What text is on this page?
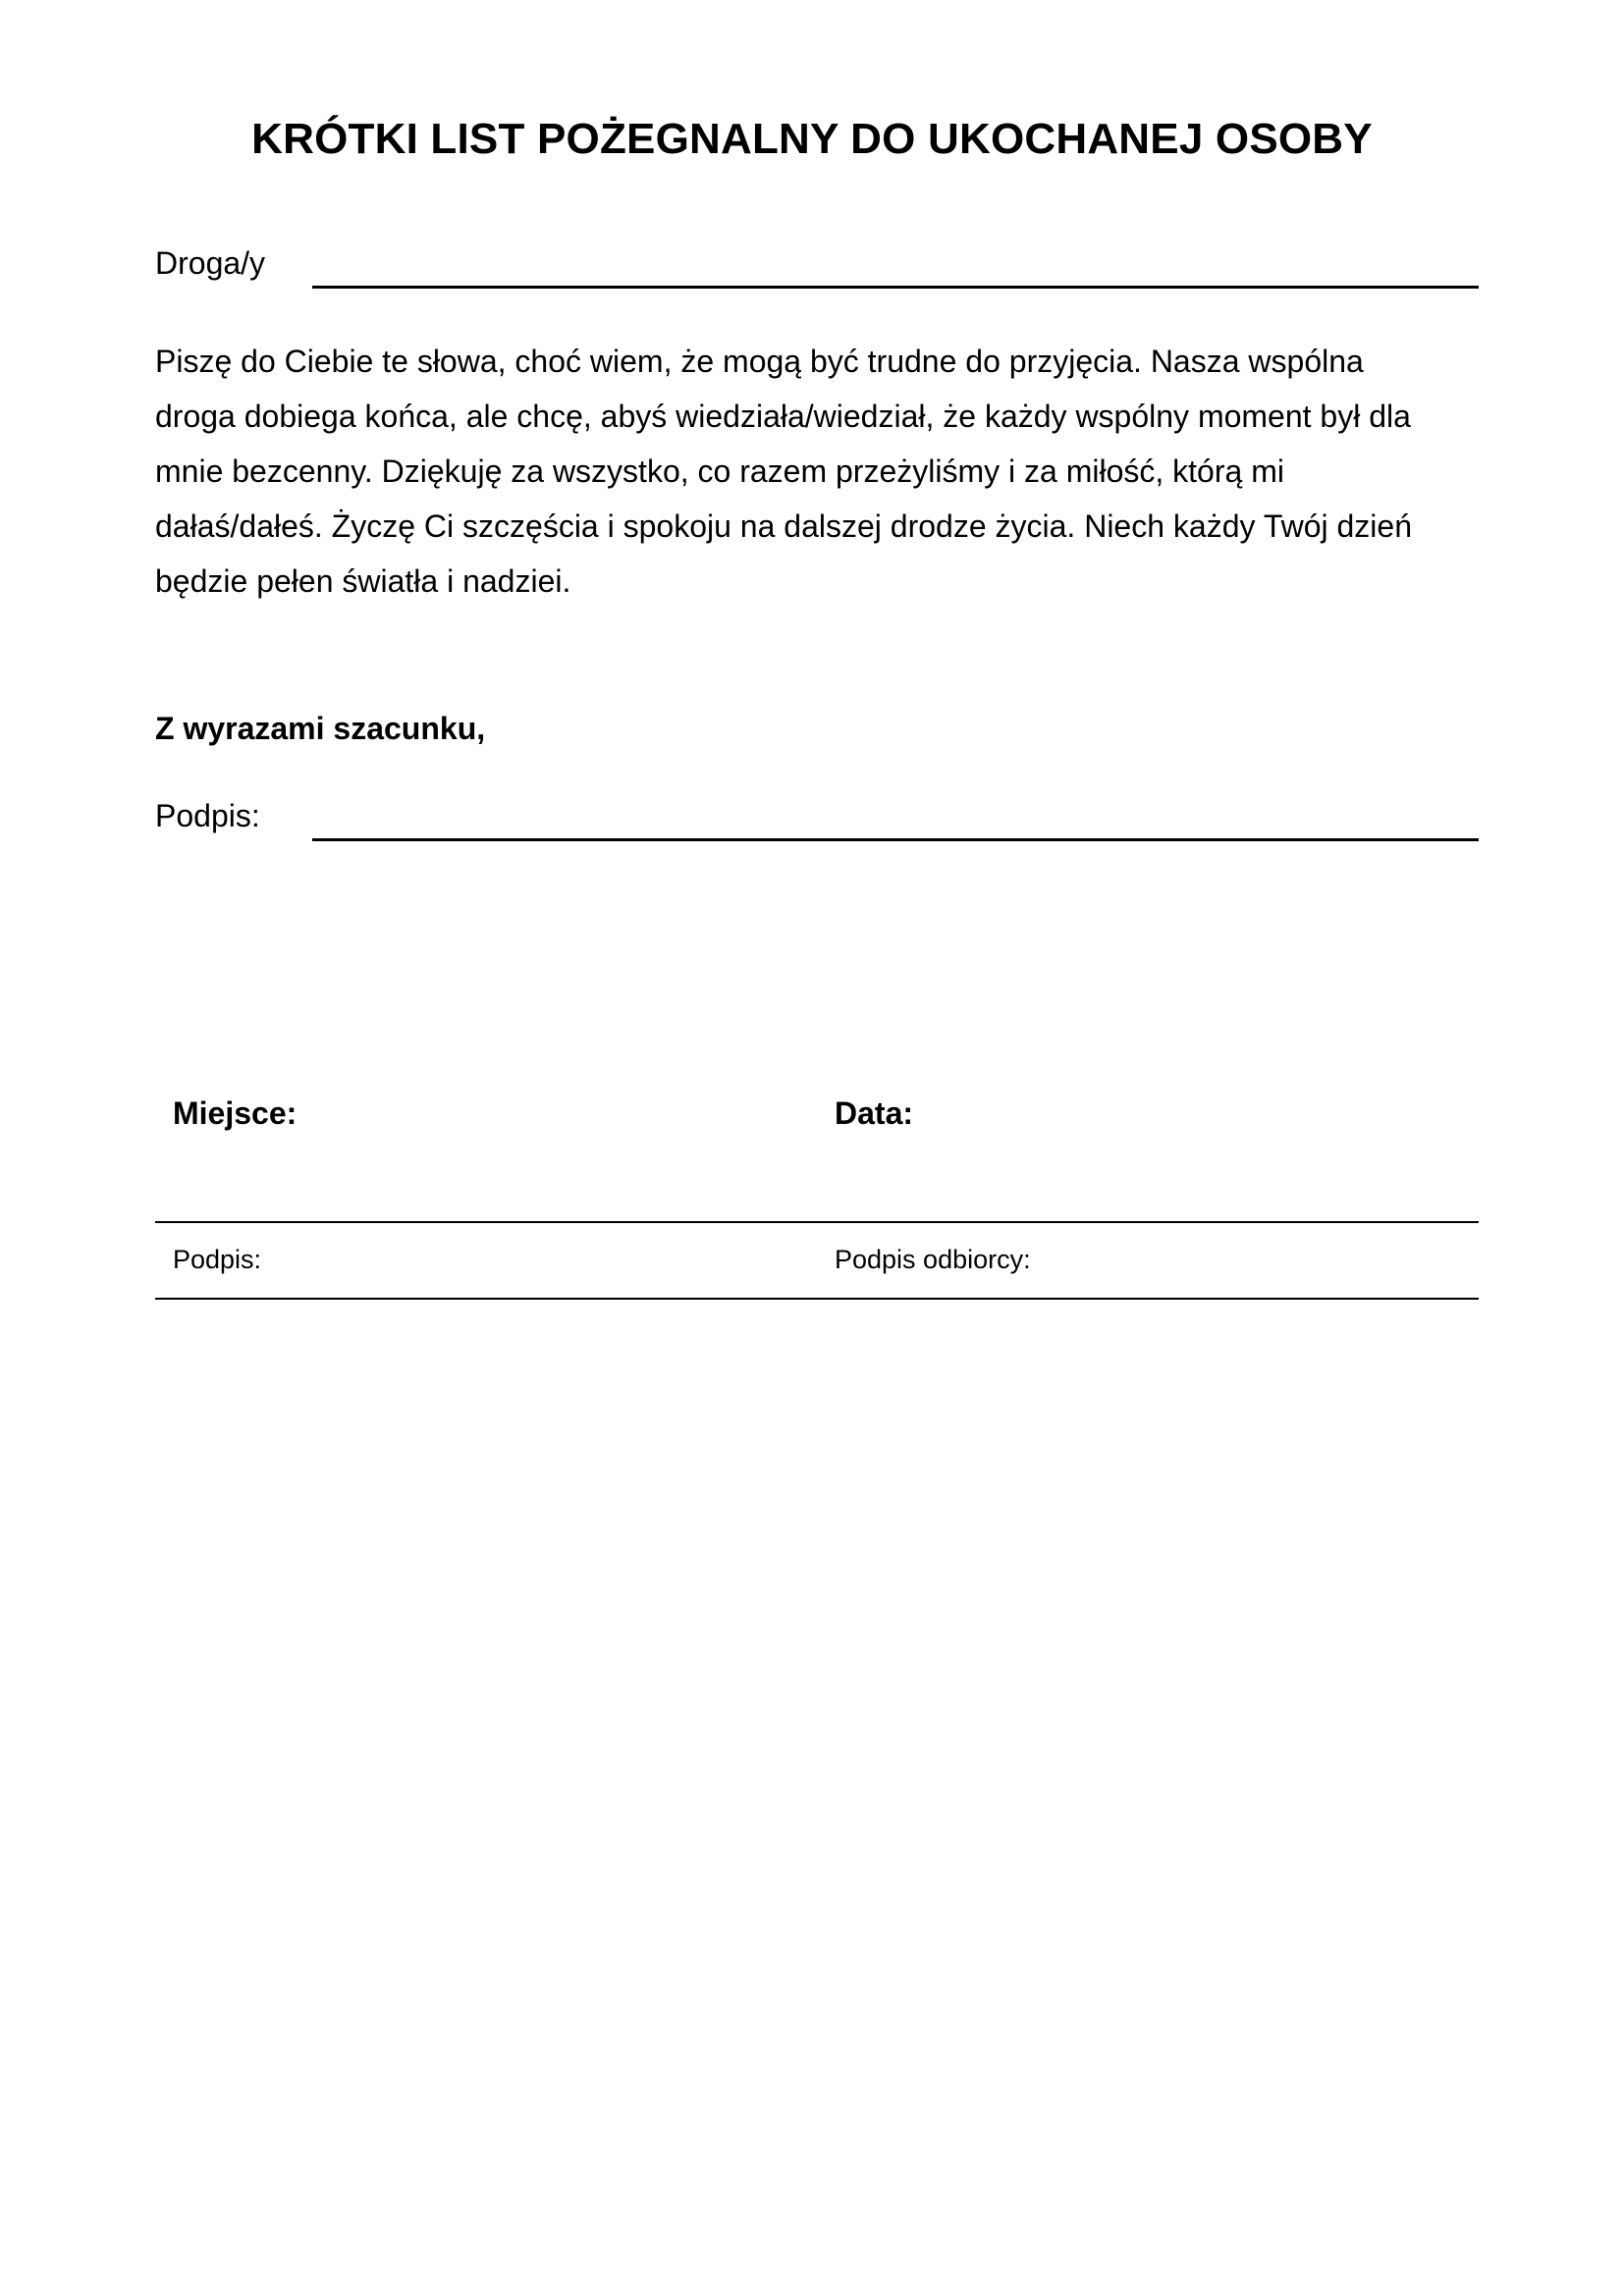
KRÓTKI LIST POŻEGNALNY DO UKOCHANEJ OSOBY
Droga/y

Piszę do Ciebie te słowa, choć wiem, że mogą być trudne do przyjęcia. Nasza wspólna
droga dobiega końca, ale chcę, abyś wiedziała/wiedział, że każdy wspólny moment był dla
mnie bezcenny. Dziękuję za wszystko, co razem przeżyliśmy i za miłość, którą mi
dałaś/dałeś. Życzę Ci szczęścia i spokoju na dalszej drodze życia. Niech każdy Twój dzień
będzie pełen światła i nadziei.

Z wyrazami szacunku,

Podpis:
Miejsce:	Data:
Podpis:	Podpis odbiorcy:
